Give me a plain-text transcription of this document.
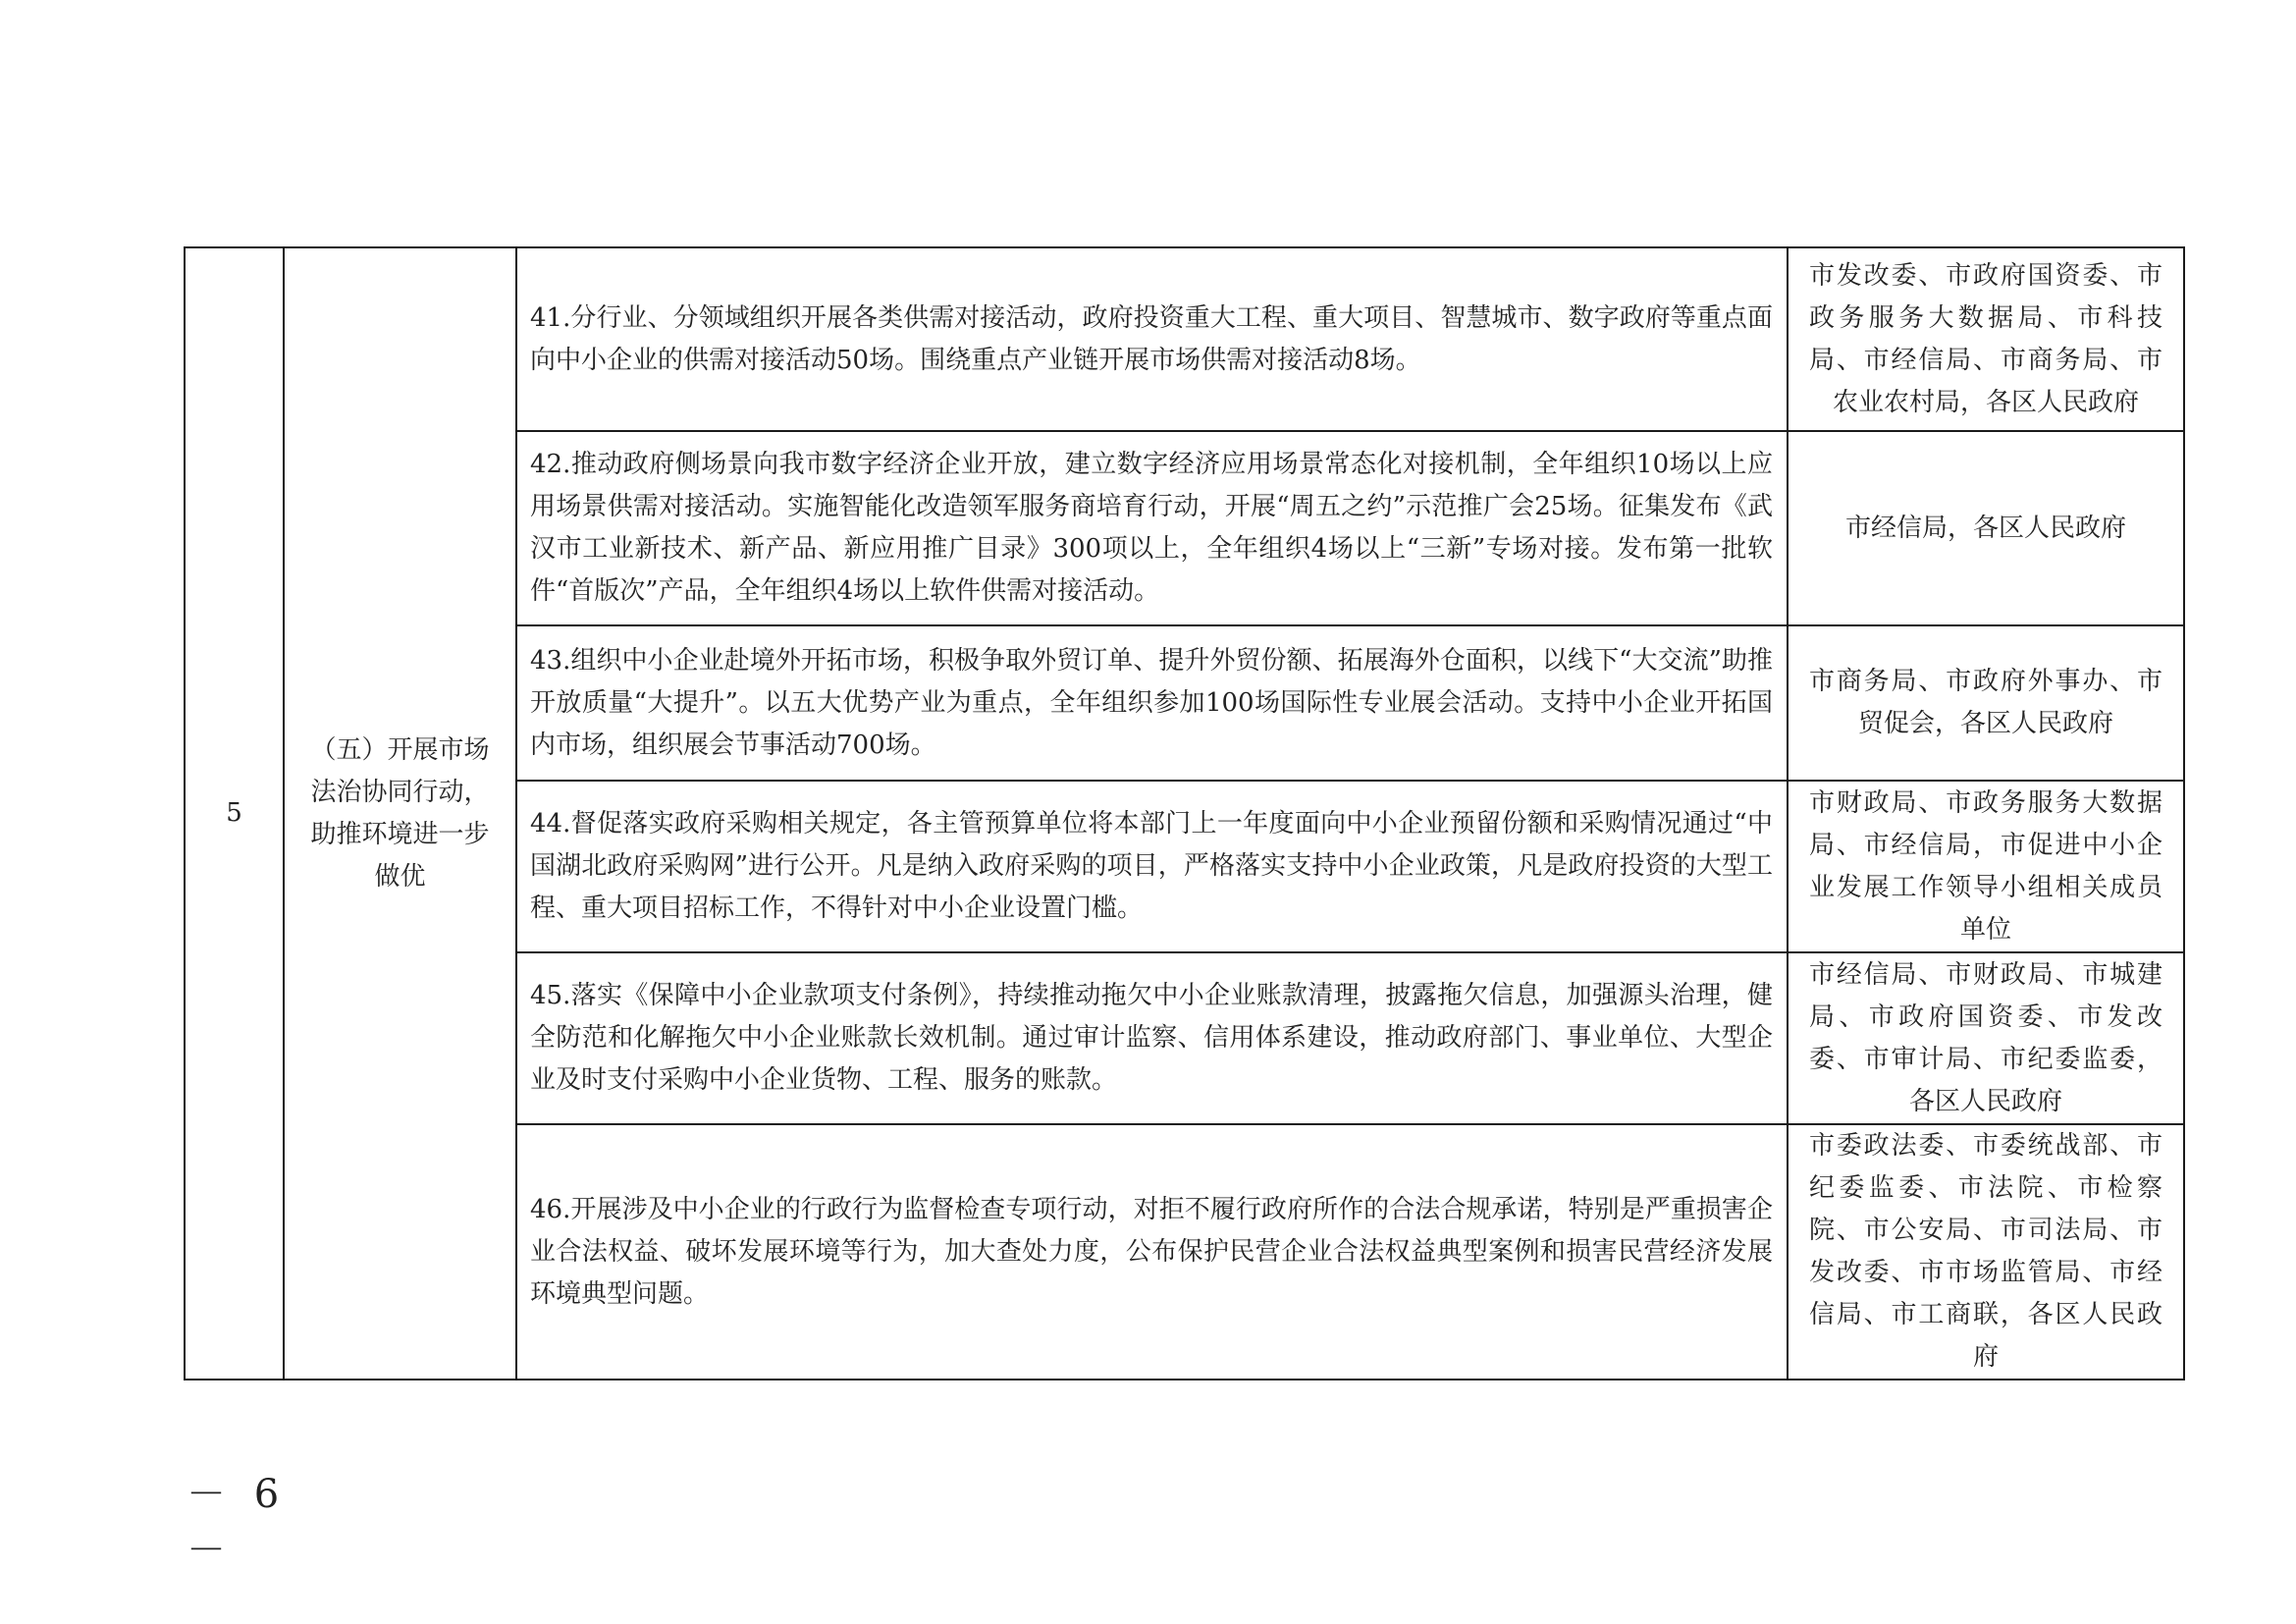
5	（五）开展市场法治协同行动，助推环境进一步做优	41.分行业、分领域组织开展各类供需对接活动，政府投资重大工程、重大项目、智慧城市、数字政府等重点面向中小企业的供需对接活动50场。围绕重点产业链开展市场供需对接活动8场。	市发改委、市政府国资委、市政务服务大数据局、市科技局、市经信局、市商务局、市农业农村局，各区人民政府
		42.推动政府侧场景向我市数字经济企业开放，建立数字经济应用场景常态化对接机制，全年组织10场以上应用场景供需对接活动。实施智能化改造领军服务商培育行动，开展“周五之约”示范推广会25场。征集发布《武汉市工业新技术、新产品、新应用推广目录》300项以上，全年组织4场以上“三新”专场对接。发布第一批软件“首版次”产品，全年组织4场以上软件供需对接活动。	市经信局，各区人民政府
		43.组织中小企业赴境外开拓市场，积极争取外贸订单、提升外贸份额、拓展海外仓面积，以线下“大交流”助推开放质量“大提升”。以五大优势产业为重点，全年组织参加100场国际性专业展会活动。支持中小企业开拓国内市场，组织展会节事活动700场。	市商务局、市政府外事办、市贸促会，各区人民政府
		44.督促落实政府采购相关规定，各主管预算单位将本部门上一年度面向中小企业预留份额和采购情况通过“中国湖北政府采购网”进行公开。凡是纳入政府采购的项目，严格落实支持中小企业政策，凡是政府投资的大型工程、重大项目招标工作，不得针对中小企业设置门槛。	市财政局、市政务服务大数据局、市经信局，市促进中小企业发展工作领导小组相关成员单位
		45.落实《保障中小企业款项支付条例》，持续推动拖欠中小企业账款清理，披露拖欠信息，加强源头治理，健全防范和化解拖欠中小企业账款长效机制。通过审计监察、信用体系建设，推动政府部门、事业单位、大型企业及时支付采购中小企业货物、工程、服务的账款。	市经信局、市财政局、市城建局、市政府国资委、市发改委、市审计局、市纪委监委，各区人民政府
		46.开展涉及中小企业的行政行为监督检查专项行动，对拒不履行政府所作的合法合规承诺，特别是严重损害企业合法权益、破坏发展环境等行为，加大查处力度，公布保护民营企业合法权益典型案例和损害民营经济发展环境典型问题。	市委政法委、市委统战部、市纪委监委、市法院、市检察院、市公安局、市司法局、市发改委、市市场监管局、市经信局、市工商联，各区人民政府
－ 6 －
